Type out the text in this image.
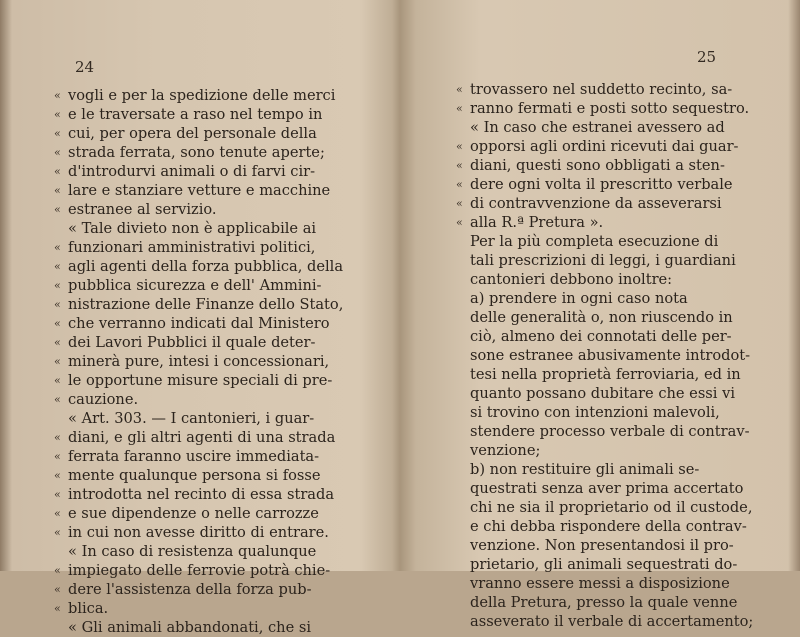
24
« vogli e per la spedizione delle merci
« e le traversate a raso nel tempo in
« cui, per opera del personale della
« strada ferrata, sono tenute aperte;
« d'introdurvi animali o di farvi cir-
« lare e stanziare vetture e macchine
« estranee al servizio.
« Tale divieto non è applicabile ai
« funzionari amministrativi politici,
« agli agenti della forza pubblica, della
« pubblica sicurezza e dell' Ammini-
« nistrazione delle Finanze dello Stato,
« che verranno indicati dal Ministero
« dei Lavori Pubblici il quale deter-
« minerà pure, intesi i concessionari,
« le opportune misure speciali di pre-
« cauzione.
« Art. 303. — I cantonieri, i guar-
« diani, e gli altri agenti di una strada
« ferrata faranno uscire immediata-
« mente qualunque persona si fosse
« introdotta nel recinto di essa strada
« e sue dipendenze o nelle carrozze
« in cui non avesse diritto di entrare.
« In caso di resistenza qualunque
« impiegato delle ferrovie potrà chie-
« dere l'assistenza della forza pub-
« blica.
« Gli animali abbandonati, che si
25
« trovassero nel suddetto recinto, sa-
« ranno fermati e posti sotto sequestro.
« In caso che estranei avessero ad
« opporsi agli ordini ricevuti dai guar-
« diani, questi sono obbligati a sten-
« dere ogni volta il prescritto verbale
« di contravvenzione da asseverarsi
« alla R.ª Pretura ».
Per la più completa esecuzione di
tali prescrizioni di leggi, i guardiani
cantonieri debbono inoltre:
a) prendere in ogni caso nota
delle generalità o, non riuscendo in
ciò, almeno dei connotati delle per-
sone estranee abusivamente introdot-
tesi nella proprietà ferroviaria, ed in
quanto possano dubitare che essi vi
si trovino con intenzioni malevoli,
stendere processo verbale di contrav-
venzione;
b) non restituire gli animali se-
questrati senza aver prima accertato
chi ne sia il proprietario od il custode,
e chi debba rispondere della contrav-
venzione. Non presentandosi il pro-
prietario, gli animali sequestrati do-
vranno essere messi a disposizione
della Pretura, presso la quale venne
asseverato il verbale di accertamento;
